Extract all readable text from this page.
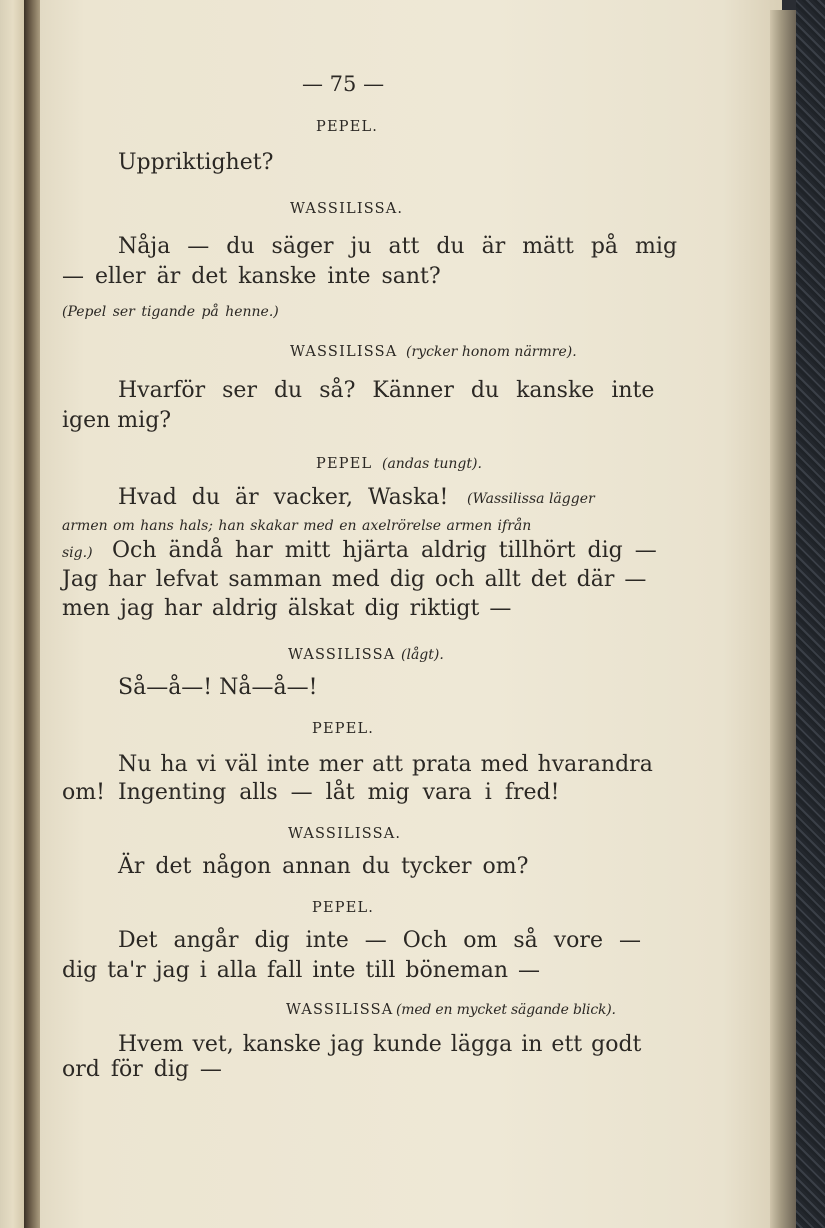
— 75 —
PEPEL.
Uppriktighet?
WASSILISSA.
Nåja — du säger ju att du är mätt på mig
— eller är det kanske inte sant?
(Pepel ser tigande på henne.)
WASSILISSA (rycker honom närmre).
Hvarför ser du så? Känner du kanske inte
igen mig?
PEPEL (andas tungt).
Hvad du är vacker, Waska! (Wassilissa lägger
armen om hans hals; han skakar med en axelrörelse armen ifrån
sig.) Och ändå har mitt hjärta aldrig tillhört dig —
Jag har lefvat samman med dig och allt det där —
men jag har aldrig älskat dig riktigt —
WASSILISSA (lågt).
Så—å—! Nå—å—!
PEPEL.
Nu ha vi väl inte mer att prata med hvarandra
om! Ingenting alls — låt mig vara i fred!
WASSILISSA.
Är det någon annan du tycker om?
PEPEL.
Det angår dig inte — Och om så vore —
dig ta'r jag i alla fall inte till böneman —
WASSILISSA (med en mycket sägande blick).
Hvem vet, kanske jag kunde lägga in ett godt
ord för dig —
